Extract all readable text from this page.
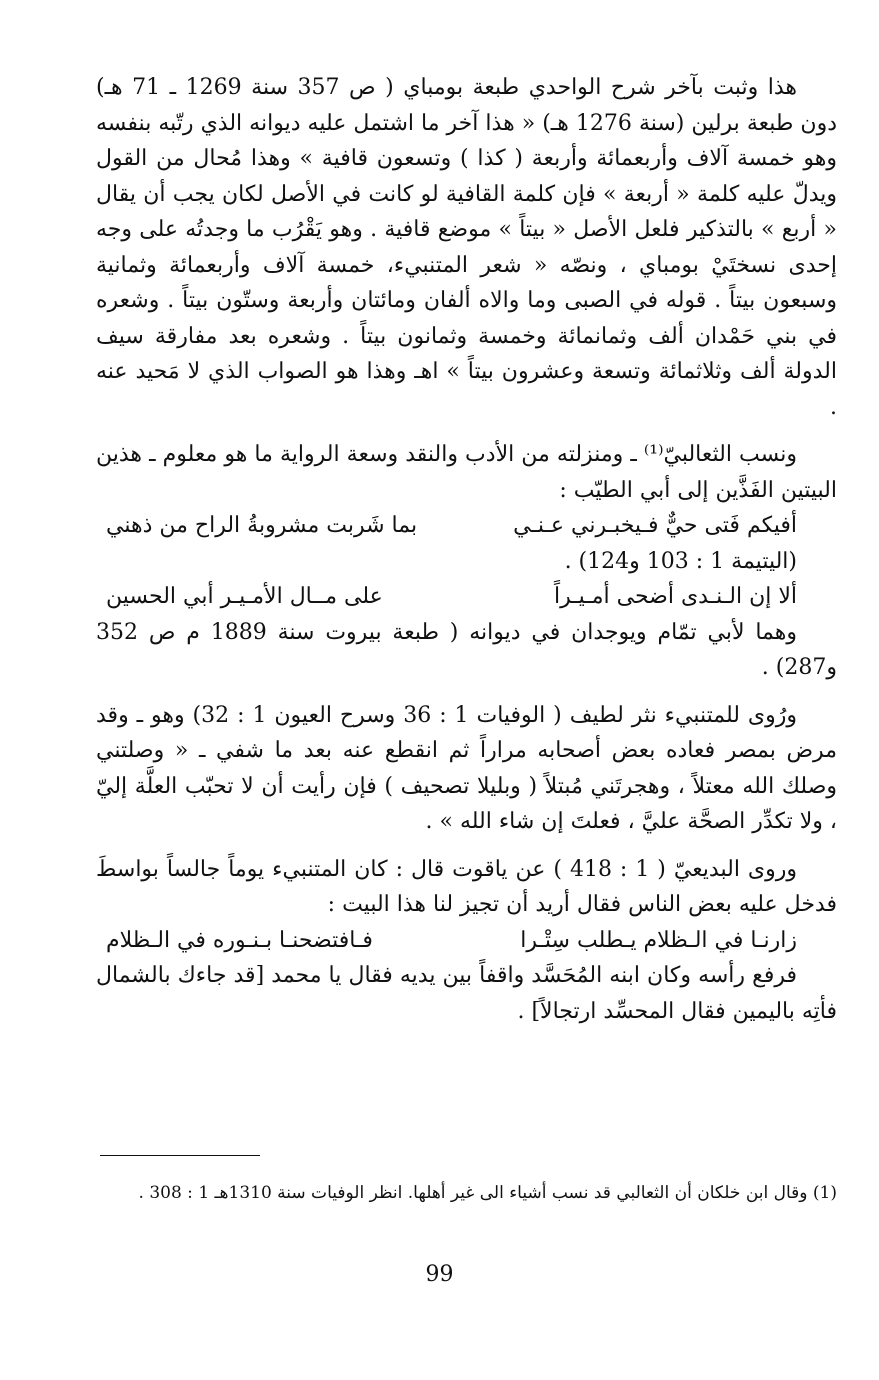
هذا وثبت بآخر شرح الواحدي طبعة بومباي ( ص 357 سنة 1269 ـ 71 هـ) دون طبعة برلين (سنة 1276 هـ) « هذا آخر ما اشتمل عليه ديوانه الذي رتّبه بنفسه وهو خمسة آلاف وأربعمائة وأربعة ( كذا ) وتسعون قافية » وهذا مُحال من القول ويدلّ عليه كلمة « أربعة » فإن كلمة القافية لو كانت في الأصل لكان يجب أن يقال « أربع » بالتذكير فلعل الأصل « بيتاً » موضع قافية . وهو يَقْرُب ما وجدتُه على وجه إحدى نسختَيْ بومباي ، ونصّه « شعر المتنبيء، خمسة آلاف وأربعمائة وثمانية وسبعون بيتاً . قوله في الصبى وما والاه ألفان ومائتان وأربعة وستّون بيتاً . وشعره في بني حَمْدان ألف وثمانمائة وخمسة وثمانون بيتاً . وشعره بعد مفارقة سيف الدولة ألف وثلاثمائة وتسعة وعشرون بيتاً » اهـ وهذا هو الصواب الذي لا مَحيد عنه .

ونسب الثعالبيّ⁽¹⁾ ـ ومنزلته من الأدب والنقد وسعة الرواية ما هو معلوم ـ هذين البيتين الفَذَّين إلى أبي الطيّب :

أفيكم فَتى حيٌّ فـيخبـرني عـنـي
بما شَربت مشروبةُ الراح من ذهني
(اليتيمة 1 : 103 و124) .
ألا إن الـنـدى أضحى أمـيـراً
على مــال الأمـيـر أبي الحسين

وهما لأبي تمّام ويوجدان في ديوانه ( طبعة بيروت سنة 1889 م ص 352 و287) .

ورُوى للمتنبيء نثر لطيف ( الوفيات 1 : 36 وسرح العيون 1 : 32) وهو ـ وقد مرض بمصر فعاده بعض أصحابه مراراً ثم انقطع عنه بعد ما شفي ـ « وصلتني وصلك الله معتلاً ، وهجرتَني مُبتلاً ( وبليلا تصحيف ) فإن رأيت أن لا تحبّب العلَّة إليّ ، ولا تكدِّر الصحَّة عليَّ ، فعلتَ إن شاء الله » .

وروى البديعيّ ( 1 : 418 ) عن ياقوت قال : كان المتنبيء يوماً جالساً بواسطَ فدخل عليه بعض الناس فقال أريد أن تجيز لنا هذا البيت :

زارنـا في الـظلام يـطلب سِتْـرا
فـافتضحنـا بـنـوره في الـظلام

فرفع رأسه وكان ابنه المُحَسَّد واقفاً بين يديه فقال يا محمد [قد جاءك بالشمال فأتِه باليمين فقال المحسِّد ارتجالاً] .

(1) وقال ابن خلكان أن الثعالبي قد نسب أشياء الى غير أهلها. انظر الوفيات سنة 1310هـ 1 : 308 .
99
